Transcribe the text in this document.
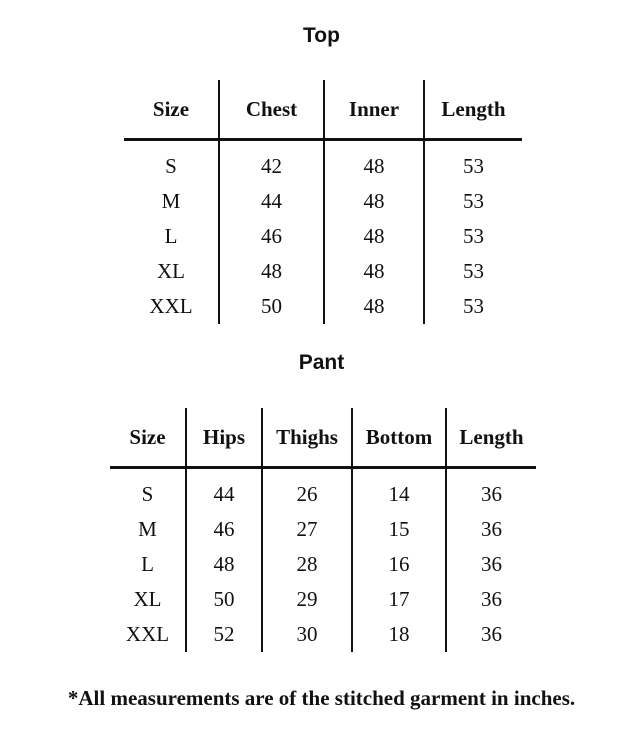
Top
Size	Chest	Inner	Length

S	42	48	53
M	44	48	53
L	46	48	53
XL	48	48	53
XXL	50	48	53
Pant
Size	Hips	Thighs	Bottom	Length

S	44	26	14	36
M	46	27	15	36
L	48	28	16	36
XL	50	29	17	36
XXL	52	30	18	36
*All measurements are of the stitched garment in inches.
